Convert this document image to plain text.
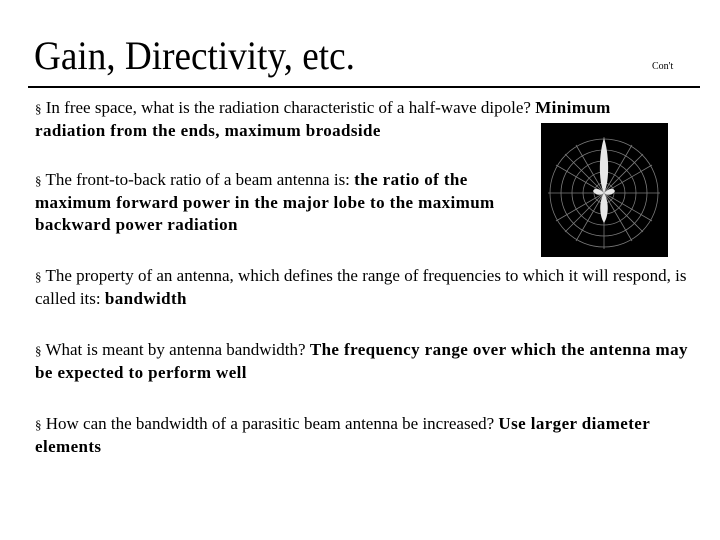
Gain, Directivity, etc.	Con't
§ In free space, what is the radiation characteristic of a half-wave dipole? Minimum radiation from the ends, maximum broadside
§ The front-to-back ratio of a beam antenna is: the ratio of the maximum forward power in the major lobe to the maximum backward power radiation
§ The property of an antenna, which defines the range of frequencies to which it will respond, is called its: bandwidth
§ What is meant by antenna bandwidth? The frequency range over which the antenna may be expected to perform well
§ How can the bandwidth of a parasitic beam antenna be increased? Use larger diameter elements
